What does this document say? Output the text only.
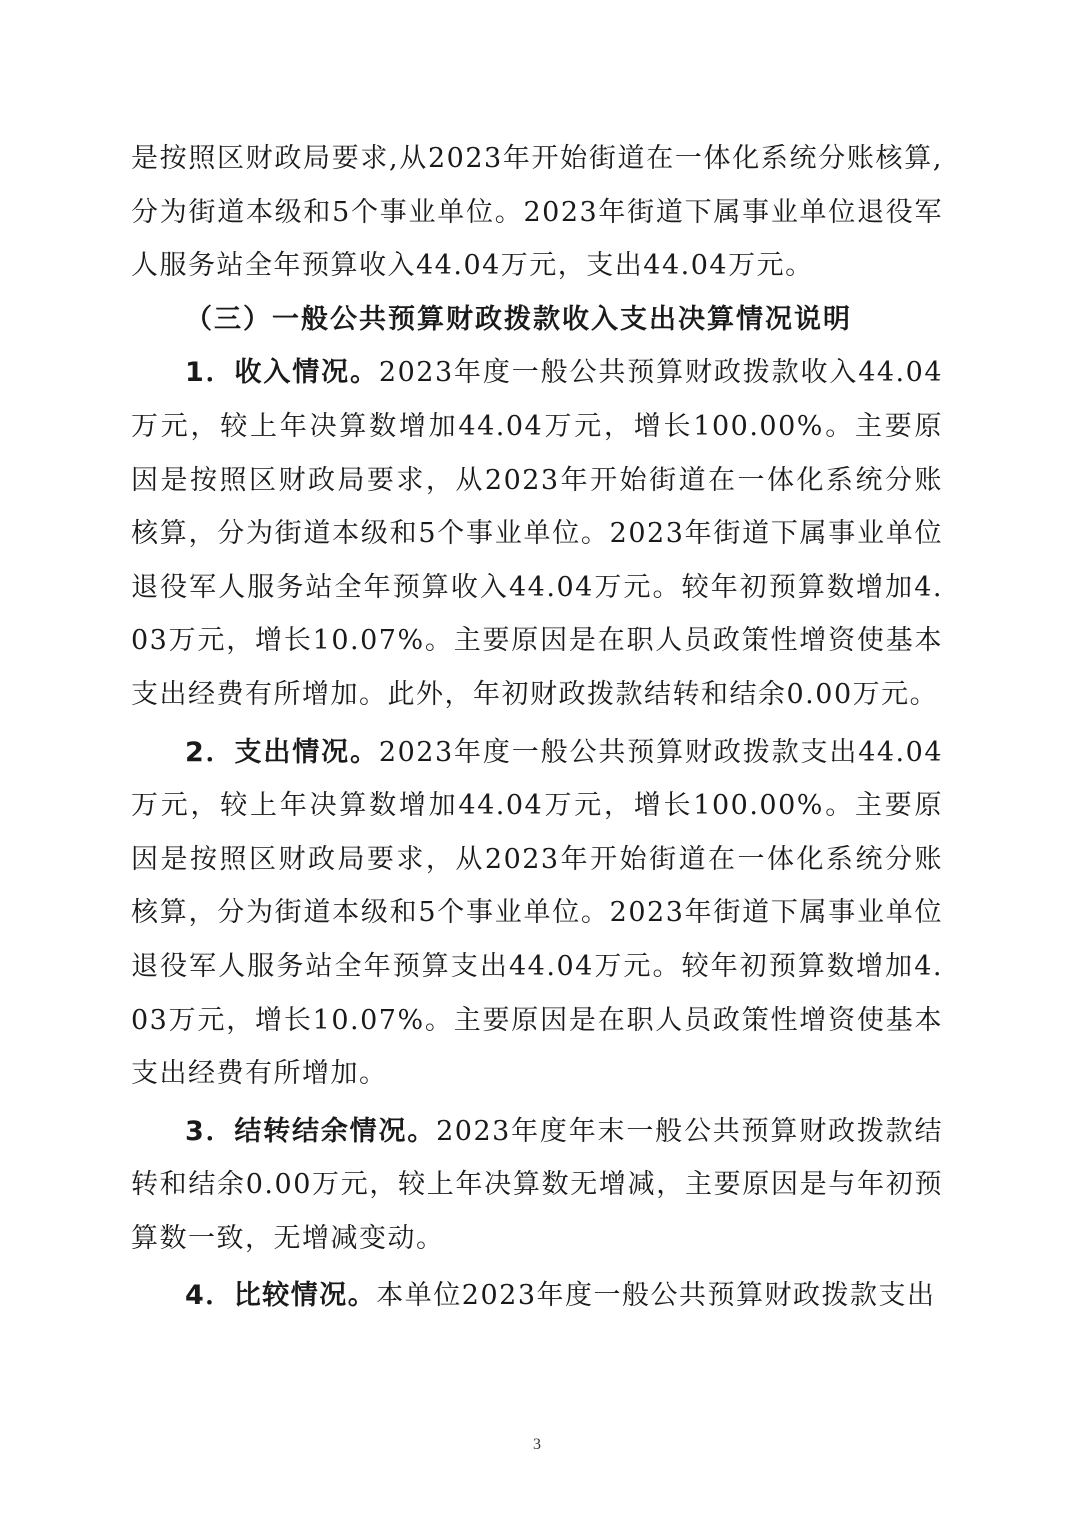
是按照区财政局要求,从2023年开始街道在一体化系统分账核算,分为街道本级和5个事业单位。2023年街道下属事业单位退役军人服务站全年预算收入44.04万元，支出44.04万元。

（三）一般公共预算财政拨款收入支出决算情况说明

1．收入情况。2023年度一般公共预算财政拨款收入44.04万元，较上年决算数增加44.04万元，增长100.00%。主要原因是按照区财政局要求，从2023年开始街道在一体化系统分账核算，分为街道本级和5个事业单位。2023年街道下属事业单位退役军人服务站全年预算收入44.04万元。较年初预算数增加4.03万元，增长10.07%。主要原因是在职人员政策性增资使基本支出经费有所增加。此外，年初财政拨款结转和结余0.00万元。

2．支出情况。2023年度一般公共预算财政拨款支出44.04万元，较上年决算数增加44.04万元，增长100.00%。主要原因是按照区财政局要求，从2023年开始街道在一体化系统分账核算，分为街道本级和5个事业单位。2023年街道下属事业单位退役军人服务站全年预算支出44.04万元。较年初预算数增加4.03万元，增长10.07%。主要原因是在职人员政策性增资使基本支出经费有所增加。

3．结转结余情况。2023年度年末一般公共预算财政拨款结转和结余0.00万元，较上年决算数无增减，主要原因是与年初预算数一致，无增减变动。

4．比较情况。本单位2023年度一般公共预算财政拨款支出

3
